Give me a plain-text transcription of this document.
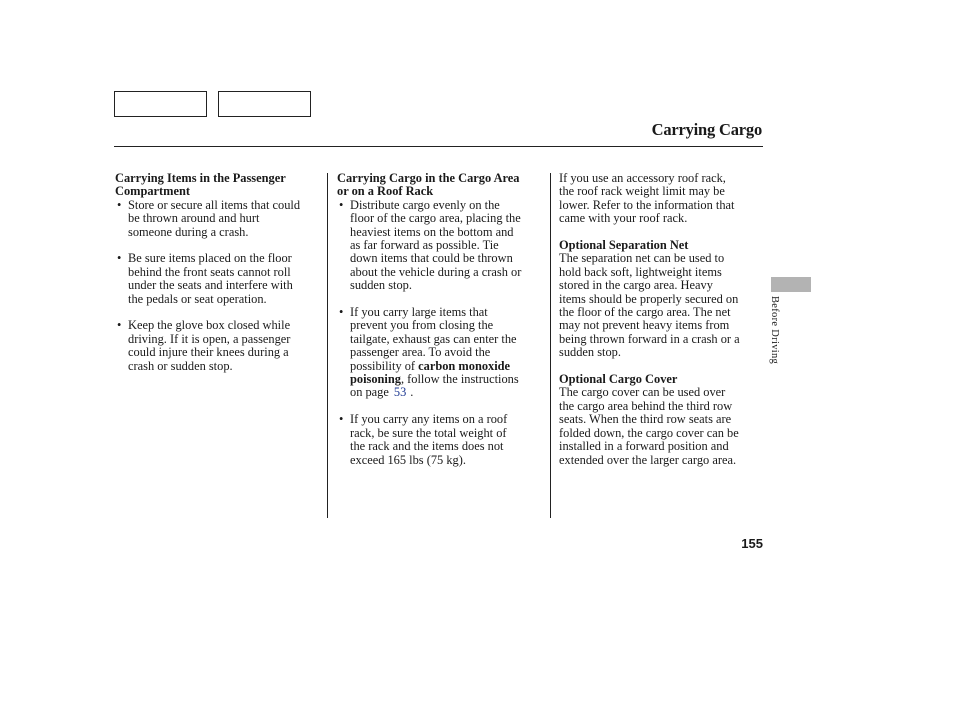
Carrying Cargo

Carrying Items in the Passenger
Compartment

• Store or secure all items that could
be thrown around and hurt
someone during a crash.
• Be sure items placed on the floor
behind the front seats cannot roll
under the seats and interfere with
the pedals or seat operation.
• Keep the glove box closed while
driving. If it is open, a passenger
could injure their knees during a
crash or sudden stop.

Carrying Cargo in the Cargo Area
or on a Roof Rack

• Distribute cargo evenly on the
floor of the cargo area, placing the
heaviest items on the bottom and
as far forward as possible. Tie
down items that could be thrown
about the vehicle during a crash or
sudden stop.
• If you carry large items that
prevent you from closing the
tailgate, exhaust gas can enter the
passenger area. To avoid the
possibility of carbon monoxide
poisoning, follow the instructions
on page 53 .
• If you carry any items on a roof
rack, be sure the total weight of
the rack and the items does not
exceed 165 lbs (75 kg).

If you use an accessory roof rack,
the roof rack weight limit may be
lower. Refer to the information that
came with your roof rack.

Optional Separation Net

The separation net can be used to
hold back soft, lightweight items
stored in the cargo area. Heavy
items should be properly secured on
the floor of the cargo area. The net
may not prevent heavy items from
being thrown forward in a crash or a
sudden stop.

Optional Cargo Cover

The cargo cover can be used over
the cargo area behind the third row
seats. When the third row seats are
folded down, the cargo cover can be
installed in a forward position and
extended over the larger cargo area.

Before Driving
155
